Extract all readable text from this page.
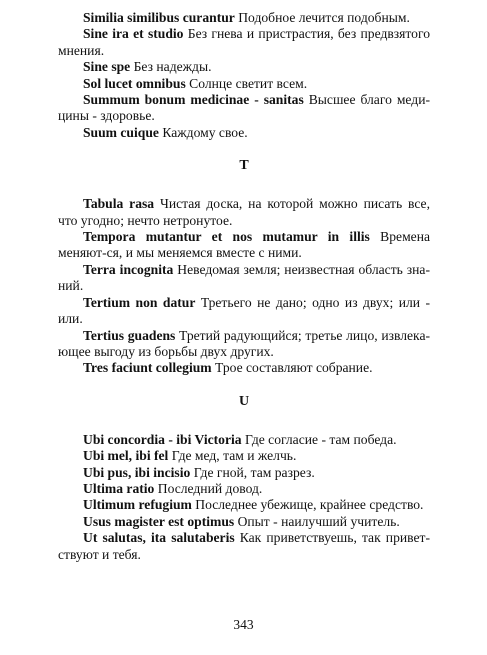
Similia similibus curantur Подобное лечится подобным.

Sine ira et studio Без гнева и пристрастия, без предвзятого мнения.

Sine spe Без надежды.

Sol lucet omnibus Солнце светит всем.

Summum bonum medicinae - sanitas Высшее благо меди-цины - здоровье.

Suum cuique Каждому свое.

T

Tabula rasa Чистая доска, на которой можно писать все, что угодно; нечто нетронутое.

Tempora mutantur et nos mutamur in illis Времена меняют-ся, и мы меняемся вместе с ними.

Terra incognita Неведомая земля; неизвестная область зна-ний.

Tertium non datur Третьего не дано; одно из двух; или - или.

Tertius guadens Третий радующийся; третье лицо, извлека-ющее выгоду из борьбы двух других.

Tres faciunt collegium Трое составляют собрание.

U

Ubi concordia - ibi Victoria Где согласие - там победа.

Ubi mel, ibi fel Где мед, там и желчь.

Ubi pus, ibi incisio Где гной, там разрез.

Ultima ratio Последний довод.

Ultimum refugium Последнее убежище, крайнее средство.

Usus magister est optimus Опыт - наилучший учитель.

Ut salutas, ita salutaberis Как приветствуешь, так привет-ствуют и тебя.

343
